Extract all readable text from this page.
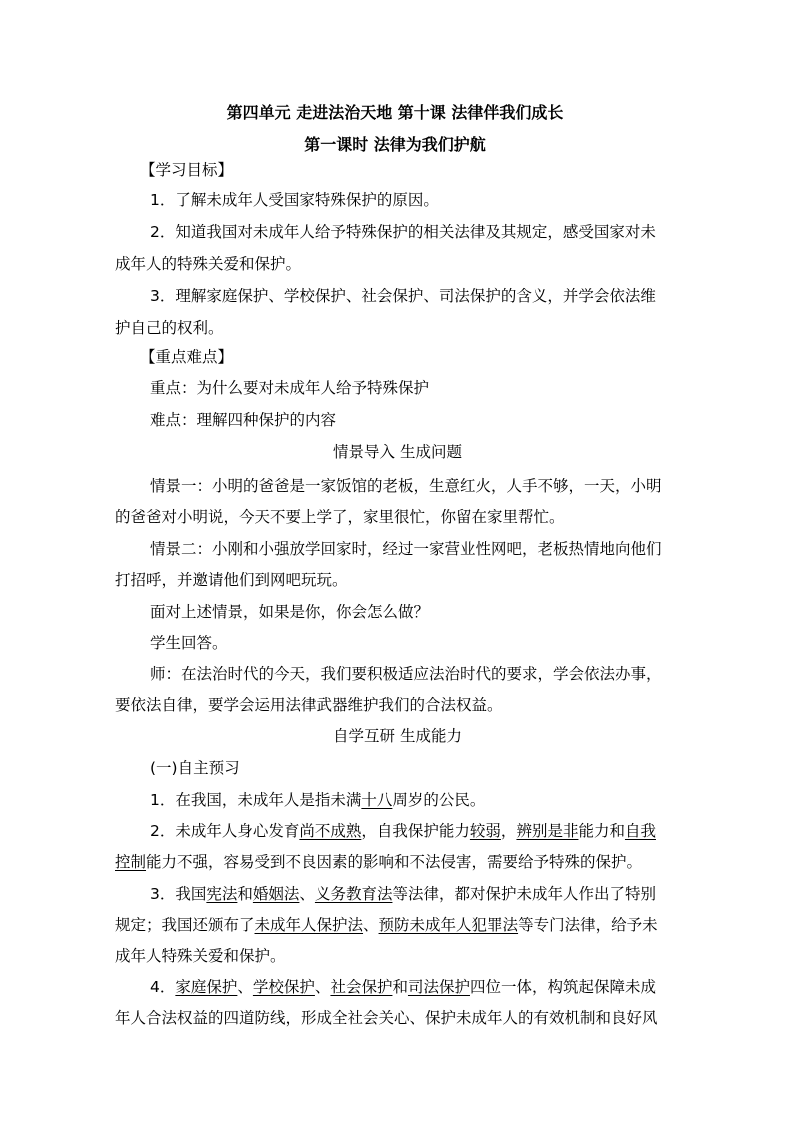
第四单元 走进法治天地 第十课 法律伴我们成长
第一课时 法律为我们护航
【学习目标】
1．了解未成年人受国家特殊保护的原因。
2．知道我国对未成年人给予特殊保护的相关法律及其规定，感受国家对未
成年人的特殊关爱和保护。
3．理解家庭保护、学校保护、社会保护、司法保护的含义，并学会依法维
护自己的权利。
【重点难点】
重点：为什么要对未成年人给予特殊保护
难点：理解四种保护的内容
情景导入 生成问题
情景一：小明的爸爸是一家饭馆的老板，生意红火，人手不够，一天，小明
的爸爸对小明说，今天不要上学了，家里很忙，你留在家里帮忙。
情景二：小刚和小强放学回家时，经过一家营业性网吧，老板热情地向他们
打招呼，并邀请他们到网吧玩玩。
面对上述情景，如果是你，你会怎么做？
学生回答。
师：在法治时代的今天，我们要积极适应法治时代的要求，学会依法办事，
要依法自律，要学会运用法律武器维护我们的合法权益。
自学互研 生成能力
(一)自主预习
1．在我国，未成年人是指未满十八周岁的公民。
2．未成年人身心发育尚不成熟，自我保护能力较弱，辨别是非能力和自我
控制能力不强，容易受到不良因素的影响和不法侵害，需要给予特殊的保护。
3．我国宪法和婚姻法、义务教育法等法律，都对保护未成年人作出了特别
规定；我国还颁布了未成年人保护法、预防未成年人犯罪法等专门法律，给予未
成年人特殊关爱和保护。
4．家庭保护、学校保护、社会保护和司法保护四位一体，构筑起保障未成
年人合法权益的四道防线，形成全社会关心、保护未成年人的有效机制和良好风
